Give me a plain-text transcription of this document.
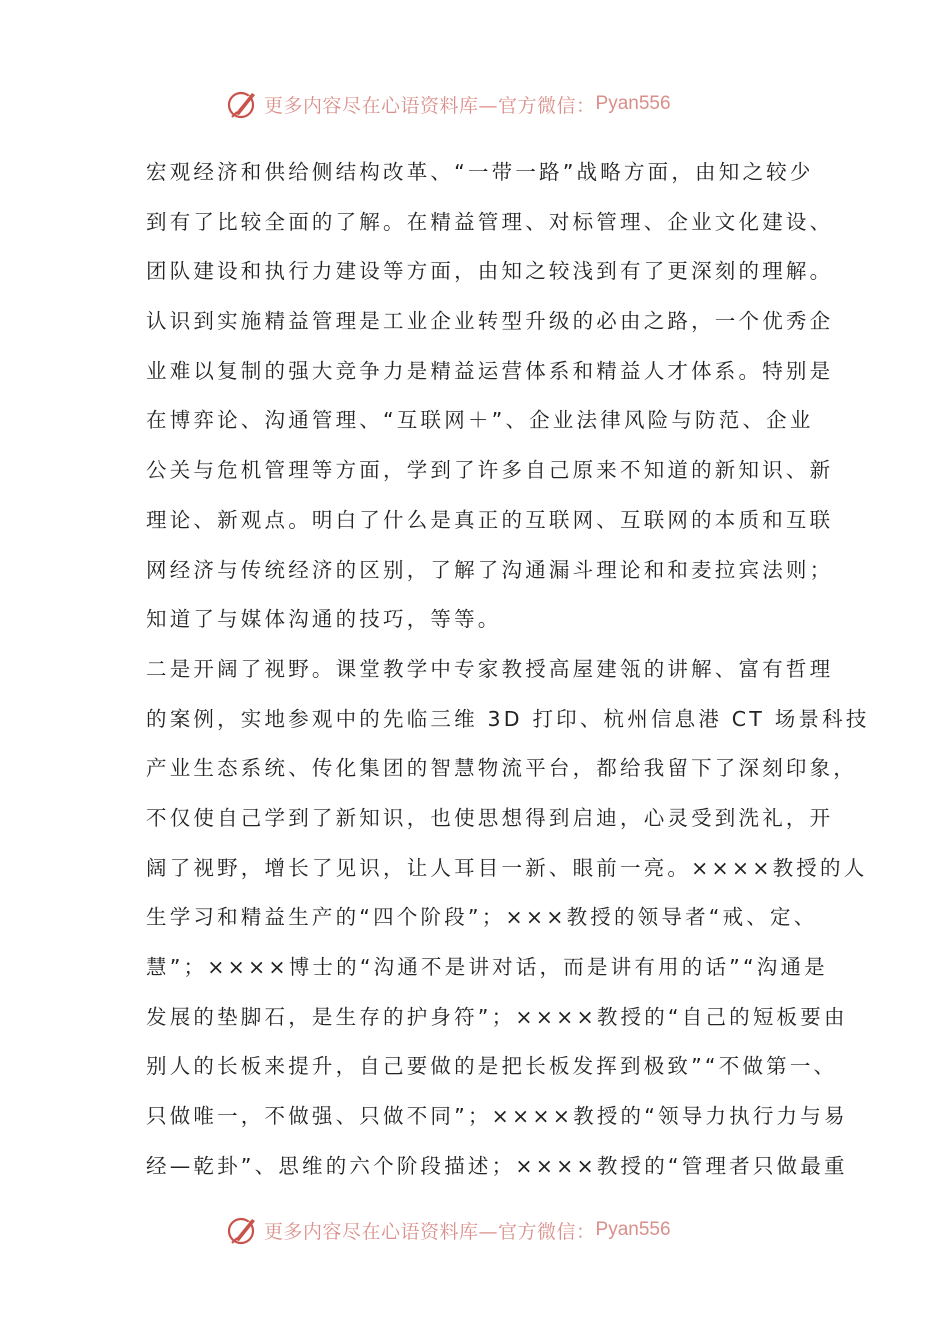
更多内容尽在心语资料库—官方微信： Pyan556
宏观经济和供给侧结构改革、“一带一路”战略方面，由知之较少
到有了比较全面的了解。在精益管理、对标管理、企业文化建设、
团队建设和执行力建设等方面，由知之较浅到有了更深刻的理解。
认识到实施精益管理是工业企业转型升级的必由之路，一个优秀企
业难以复制的强大竞争力是精益运营体系和精益人才体系。特别是
在博弈论、沟通管理、“互联网＋”、企业法律风险与防范、企业
公关与危机管理等方面，学到了许多自己原来不知道的新知识、新
理论、新观点。明白了什么是真正的互联网、互联网的本质和互联
网经济与传统经济的区别，了解了沟通漏斗理论和和麦拉宾法则；
知道了与媒体沟通的技巧，等等。
二是开阔了视野。课堂教学中专家教授高屋建瓴的讲解、富有哲理
的案例，实地参观中的先临三维 3D 打印、杭州信息港 CT 场景科技
产业生态系统、传化集团的智慧物流平台，都给我留下了深刻印象，
不仅使自己学到了新知识，也使思想得到启迪，心灵受到洗礼，开
阔了视野，增长了见识，让人耳目一新、眼前一亮。××××教授的人
生学习和精益生产的“四个阶段”；×××教授的领导者“戒、定、
慧”；××××博士的“沟通不是讲对话，而是讲有用的话”“沟通是
发展的垫脚石，是生存的护身符”；××××教授的“自己的短板要由
别人的长板来提升，自己要做的是把长板发挥到极致”“不做第一、
只做唯一，不做强、只做不同”；××××教授的“领导力执行力与易
经—乾卦”、思维的六个阶段描述；××××教授的“管理者只做最重
更多内容尽在心语资料库—官方微信： Pyan556
